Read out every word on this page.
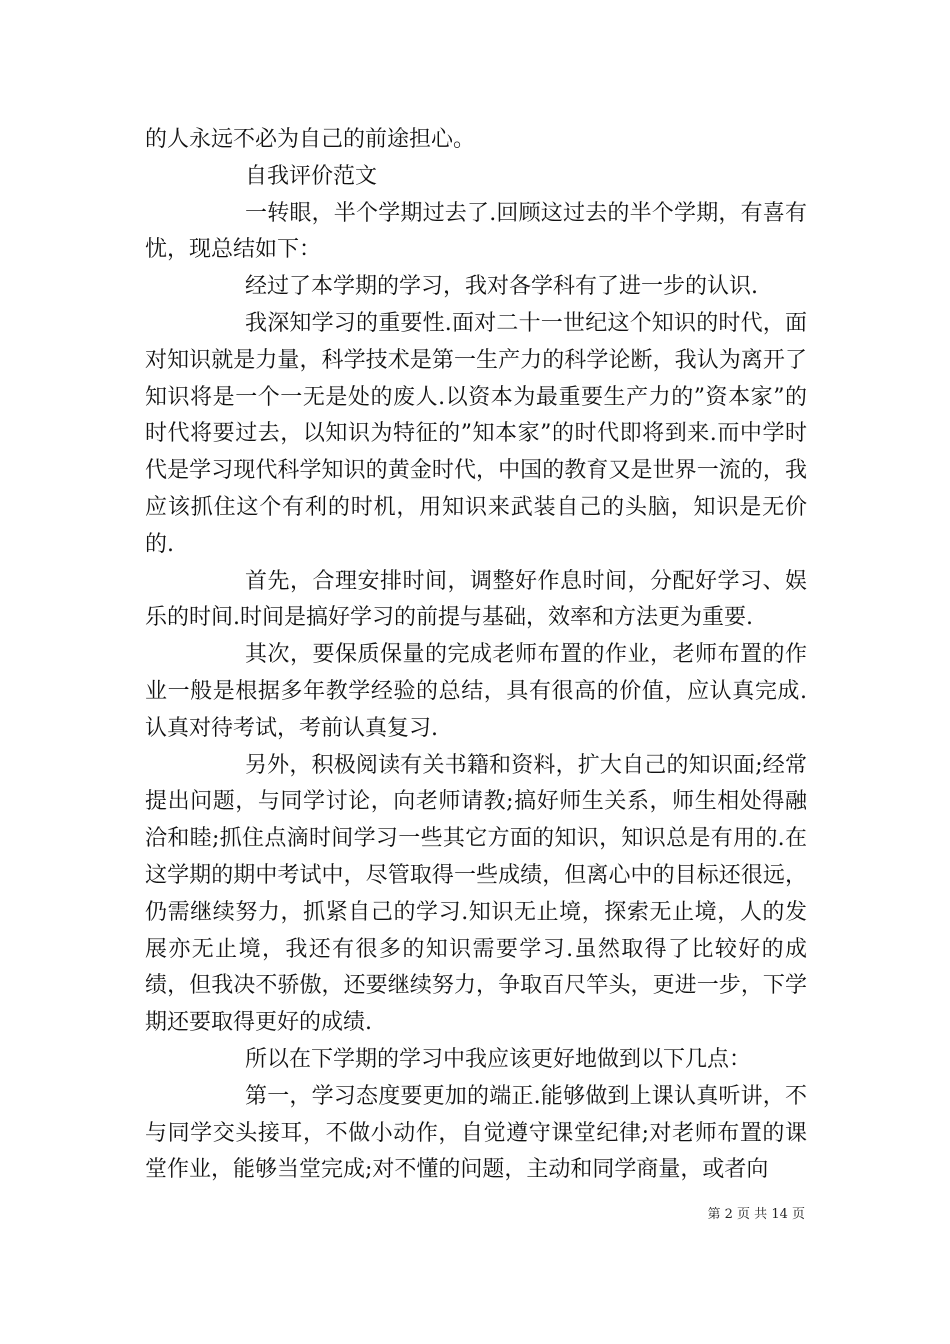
的人永远不必为自己的前途担心。

自我评价范文

一转眼，半个学期过去了.回顾这过去的半个学期，有喜有忧，现总结如下：

经过了本学期的学习，我对各学科有了进一步的认识.

我深知学习的重要性.面对二十一世纪这个知识的时代，面对知识就是力量，科学技术是第一生产力的科学论断，我认为离开了知识将是一个一无是处的废人.以资本为最重要生产力的”资本家”的时代将要过去，以知识为特征的”知本家”的时代即将到来.而中学时代是学习现代科学知识的黄金时代，中国的教育又是世界一流的，我应该抓住这个有利的时机，用知识来武装自己的头脑，知识是无价的.

首先，合理安排时间，调整好作息时间，分配好学习、娱乐的时间.时间是搞好学习的前提与基础，效率和方法更为重要.

其次，要保质保量的完成老师布置的作业，老师布置的作业一般是根据多年教学经验的总结，具有很高的价值，应认真完成.认真对待考试，考前认真复习.

另外，积极阅读有关书籍和资料，扩大自己的知识面;经常提出问题，与同学讨论，向老师请教;搞好师生关系，师生相处得融洽和睦;抓住点滴时间学习一些其它方面的知识，知识总是有用的.在这学期的期中考试中，尽管取得一些成绩，但离心中的目标还很远，仍需继续努力，抓紧自己的学习.知识无止境，探索无止境，人的发展亦无止境，我还有很多的知识需要学习.虽然取得了比较好的成绩，但我决不骄傲，还要继续努力，争取百尺竿头，更进一步，下学期还要取得更好的成绩.

所以在下学期的学习中我应该更好地做到以下几点：

第一，学习态度要更加的端正.能够做到上课认真听讲，不与同学交头接耳，不做小动作，自觉遵守课堂纪律;对老师布置的课堂作业，能够当堂完成;对不懂的问题，主动和同学商量，或者向

第 2 页 共 14 页
